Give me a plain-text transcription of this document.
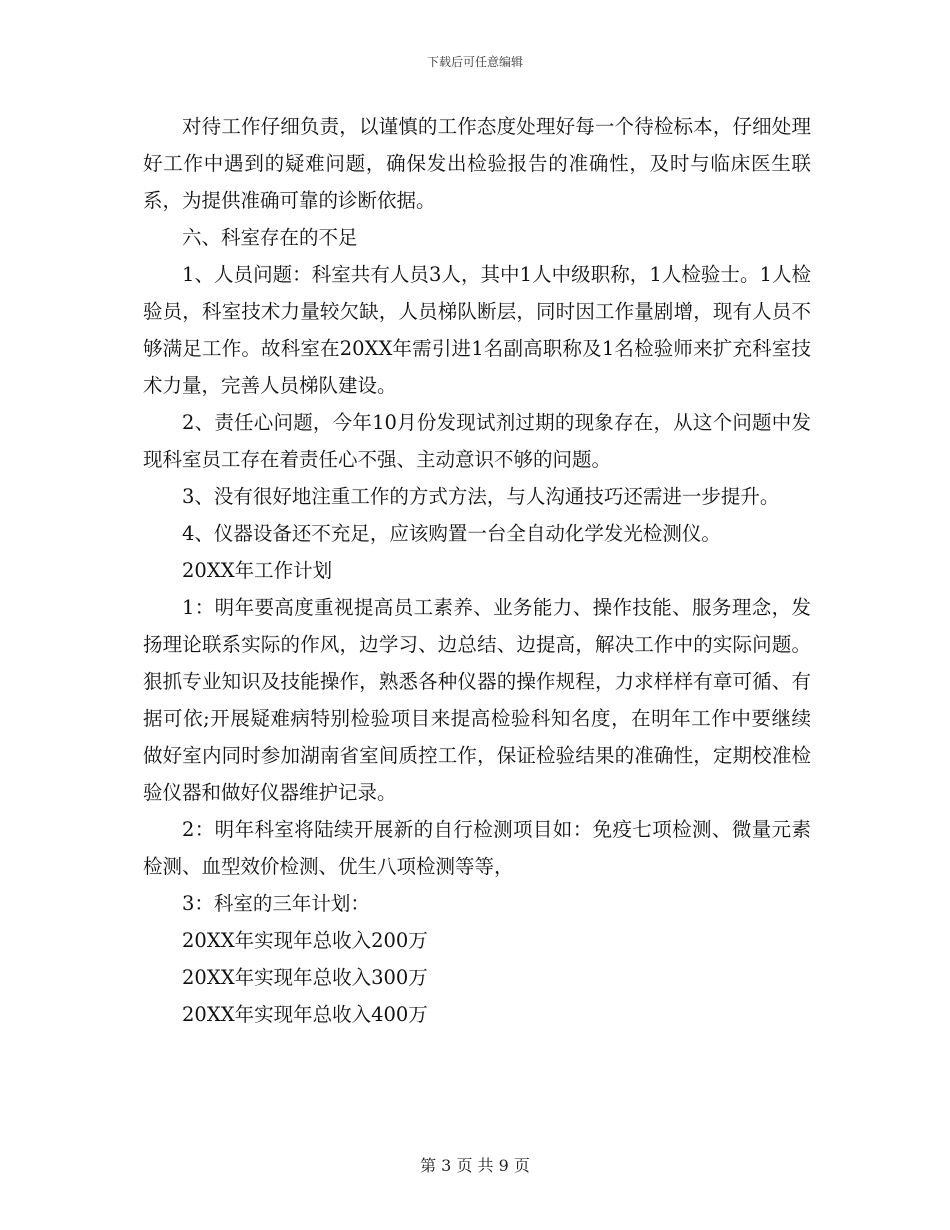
下载后可任意编辑

对待工作仔细负责，以谨慎的工作态度处理好每一个待检标本，仔细处理好工作中遇到的疑难问题，确保发出检验报告的准确性，及时与临床医生联系，为提供准确可靠的诊断依据。

六、科室存在的不足

1、人员问题：科室共有人员3人，其中1人中级职称，1人检验士。1人检验员，科室技术力量较欠缺，人员梯队断层，同时因工作量剧增，现有人员不够满足工作。故科室在20XX年需引进1名副高职称及1名检验师来扩充科室技术力量，完善人员梯队建设。

2、责任心问题，今年10月份发现试剂过期的现象存在，从这个问题中发现科室员工存在着责任心不强、主动意识不够的问题。

3、没有很好地注重工作的方式方法，与人沟通技巧还需进一步提升。

4、仪器设备还不充足，应该购置一台全自动化学发光检测仪。

20XX年工作计划

1：明年要高度重视提高员工素养、业务能力、操作技能、服务理念，发扬理论联系实际的作风，边学习、边总结、边提高，解决工作中的实际问题。狠抓专业知识及技能操作，熟悉各种仪器的操作规程，力求样样有章可循、有据可依;开展疑难病特别检验项目来提高检验科知名度，在明年工作中要继续做好室内同时参加湖南省室间质控工作，保证检验结果的准确性，定期校准检验仪器和做好仪器维护记录。

2：明年科室将陆续开展新的自行检测项目如：免疫七项检测、微量元素检测、血型效价检测、优生八项检测等等，

3：科室的三年计划：

20XX年实现年总收入200万

20XX年实现年总收入300万

20XX年实现年总收入400万

第 3 页 共 9 页
